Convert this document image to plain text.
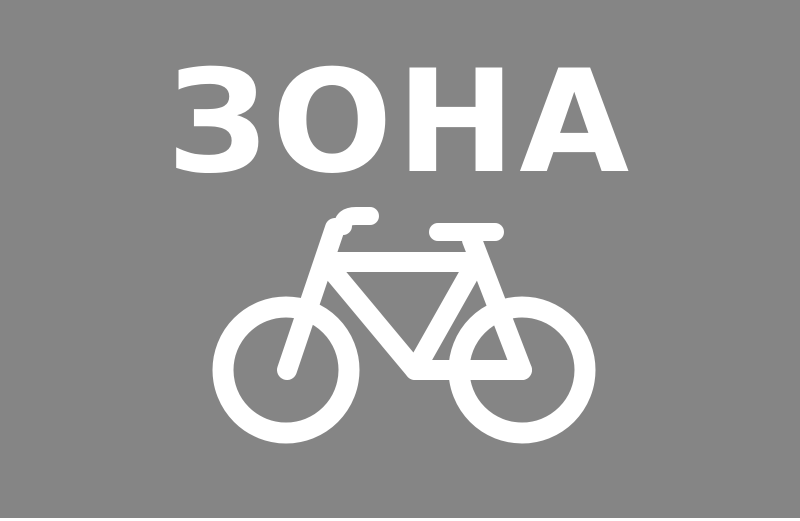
ЗОНА
